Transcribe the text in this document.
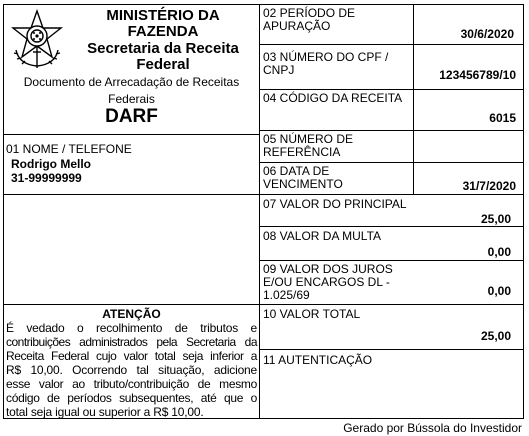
MINISTÉRIO DA
FAZENDA
Secretaria da Receita
Federal
Documento de Arrecadação de Receitas
Federais
DARF
01 NOME / TELEFONE
Rodrigo Mello
31-99999999
ATENÇÃO
É vedado o recolhimento de tributos e
contribuições administrados pela Secretaria da
Receita Federal cujo valor total seja inferior a
R$ 10,00. Ocorrendo tal situação, adicione
esse valor ao tributo/contribuição de mesmo
código de períodos subsequentes, até que o
total seja igual ou superior a R$ 10,00.
02 PERÍODO DE
APURAÇÃO
30/6/2020
03 NÚMERO DO CPF /
CNPJ	123456789/10
04 CÓDIGO DA RECEITA
6015
05 NÚMERO DE
REFERÊNCIA
06 DATA DE
VENCIMENTO	31/7/2020
07 VALOR DO PRINCIPAL
25,00
08 VALOR DA MULTA
0,00
09 VALOR DOS JUROS
E/OU ENCARGOS DL -
1.025/69	0,00
10 VALOR TOTAL
25,00
11 AUTENTICAÇÃO
Gerado por Bússola do Investidor
